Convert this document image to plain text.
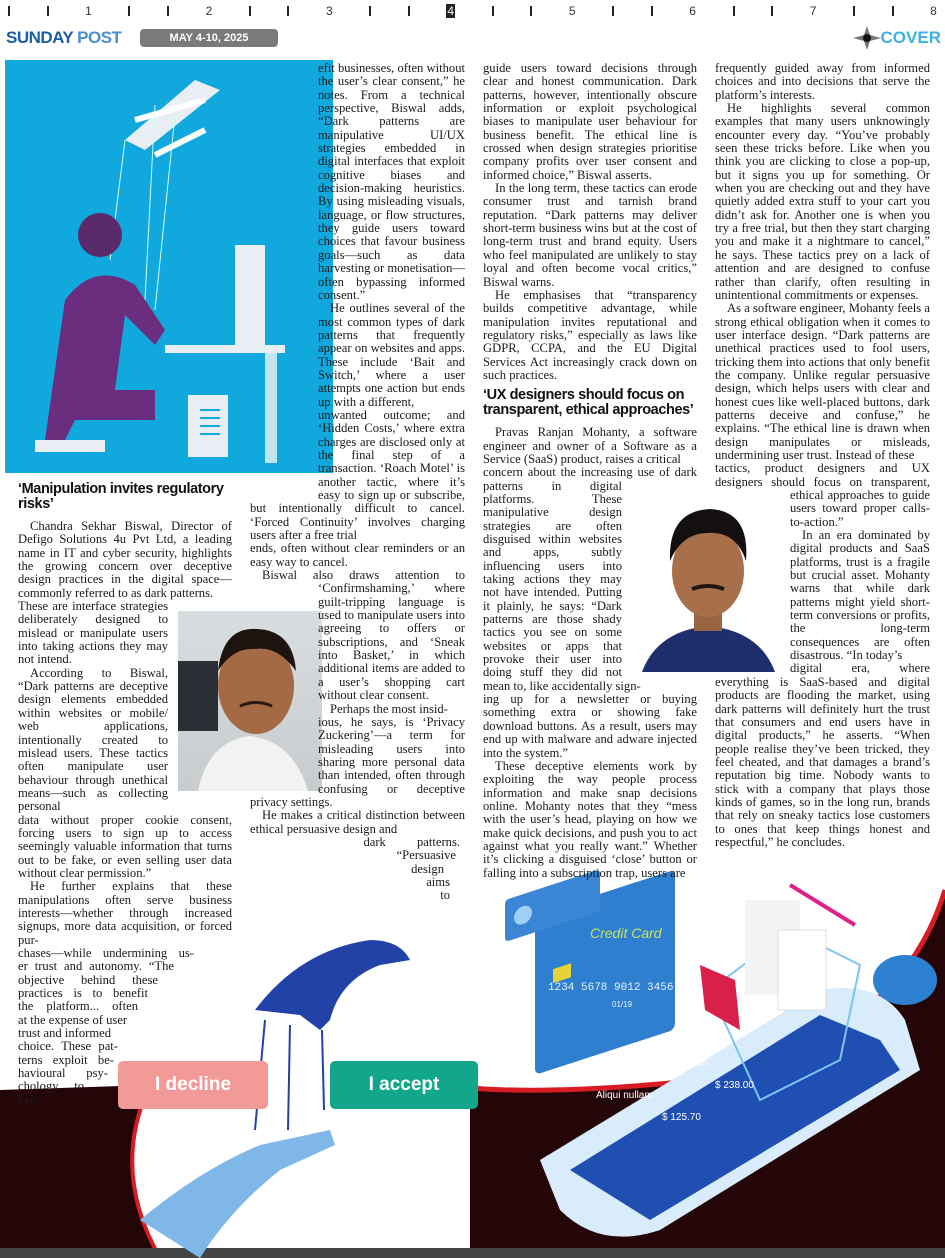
1	2	3	4	5	6	7	8
SUNDAY POST	MAY 4-10, 2025	COVER
Credit Card
1234 5678 9012 3456
01/19
Lorem ipsum
$ 238.00
Aliqui nullam
$ 125.70
I decline	I accept
‘Manipulation invites regulatory risks’

Chandra Sekhar Biswal, Director of Defigo Solutions 4u Pvt Ltd, a leading name in IT and cyber security, highlights the growing concern over deceptive design practices in the digital space—commonly referred to as dark patterns.

These are interface strategies deliberately designed to mislead or manipulate users into taking actions they may not intend.

According to Biswal, “Dark patterns are deceptive design elements embedded within websites or mobile/ web applications, intentionally created to mislead users. These tactics often manipulate user behaviour through unethical means—such as collecting personal

data without proper cookie consent, forcing users to sign up to access seemingly valuable information that turns out to be fake, or even selling user data without clear permission.”

He further explains that these manipulations often serve business interests—whether through increased signups, more data acquisition, or forced pur-

chases—while undermining us-
er trust and autonomy. “The
objective behind these
practices is to benefit
the platform... often
at the expense of user
trust and informed
choice. These pat-
terns exploit be-
havioural psy-
chology to
ben-

efit businesses, often without the user’s clear consent,” he notes. From a technical perspective, Biswal adds, “Dark patterns are manipulative UI/UX strategies embedded in digital interfaces that exploit cognitive biases and decision-making heuristics. By using misleading visuals, language, or flow structures, they guide users toward choices that favour business goals—such as data harvesting or monetisation—often bypassing informed consent.”

He outlines several of the most common types of dark patterns that frequently appear on websites and apps. These include ‘Bait and Switch,’ where a user attempts one action but ends up with a different,

unwanted outcome; and ‘Hidden Costs,’ where extra charges are disclosed only at the final step of a transaction. ‘Roach Motel’ is another tactic, where it’s easy to sign up or subscribe, but intentionally difficult to cancel. ‘Forced Continuity’ involves charging users after a free trial

ends, often without clear reminders or an easy way to cancel.

Biswal also draws attention to ‘Confirmshaming,’ where guilt-tripping language is used to manipulate users into agreeing to offers or subscriptions, and ‘Sneak into Basket,’ in which additional items are added to a user’s shopping cart without clear consent.

Perhaps the most insid-

ious, he says, is ‘Privacy Zuckering’—a term for misleading users into sharing more personal data than intended, often through confusing or deceptive privacy settings.

He makes a critical distinction between ethical persuasive design and

dark patterns.
“Persuasive
design
aims
to

guide users toward decisions through clear and honest communication. Dark patterns, however, intentionally obscure information or exploit psychological biases to manipulate user behaviour for business benefit. The ethical line is crossed when design strategies prioritise company profits over user consent and informed choice,” Biswal asserts.

In the long term, these tactics can erode consumer trust and tarnish brand reputation. “Dark patterns may deliver short-term business wins but at the cost of long-term trust and brand equity. Users who feel manipulated are unlikely to stay loyal and often become vocal critics,” Biswal warns.

He emphasises that “transparency builds competitive advantage, while manipulation invites reputational and regulatory risks,” especially as laws like GDPR, CCPA, and the EU Digital Services Act increasingly crack down on such practices.

‘UX designers should focus on transparent, ethical approaches’

Pravas Ranjan Mohanty, a software engineer and owner of a Software as a Service (SaaS) product, raises a critical

concern about the increasing use of dark patterns in digital platforms. These manipulative design strategies are often disguised within websites and apps, subtly influencing users into taking actions they may not have intended. Putting it plainly, he says: “Dark patterns are those shady tactics you see on some websites or apps that provoke their user into doing stuff they did not mean to, like accidentally sign-

ing up for a newsletter or buying something extra or showing fake download buttons. As a result, users may end up with malware and adware injected into the system.”

These deceptive elements work by exploiting the way people process information and make snap decisions online. Mohanty notes that they “mess with the user’s head, playing on how we make quick decisions, and push you to act against what you really want.” Whether it’s clicking a disguised ‘close’ button or falling into a subscription trap, users are

frequently guided away from informed choices and into decisions that serve the platform’s interests.

He highlights several common examples that many users unknowingly encounter every day. “You’ve probably seen these tricks before. Like when you think you are clicking to close a pop-up, but it signs you up for something. Or when you are checking out and they have quietly added extra stuff to your cart you didn’t ask for. Another one is when you try a free trial, but then they start charging you and make it a nightmare to cancel,” he says. These tactics prey on a lack of attention and are designed to confuse rather than clarify, often resulting in unintentional commitments or expenses.

As a software engineer, Mohanty feels a strong ethical obligation when it comes to user interface design. “Dark patterns are unethical practices used to fool users, tricking them into actions that only benefit the company. Unlike regular persuasive design, which helps users with clear and honest cues like well-placed buttons, dark patterns deceive and confuse,” he explains. “The ethical line is drawn when design manipulates or misleads, undermining user trust. Instead of these

tactics, product designers and UX designers should focus on transparent, ethical approaches to guide users toward proper calls-to-action.”

In an era dominated by digital products and SaaS platforms, trust is a fragile but crucial asset. Mohanty warns that while dark patterns might yield short-term conversions or profits, the long-term consequences are often disastrous. “In today’s

digital era, where everything is SaaS-based and digital products are flooding the market, using dark patterns will definitely hurt the trust that consumers and end users have in digital products,” he asserts. “When people realise they’ve been tricked, they feel cheated, and that damages a brand’s reputation big time. Nobody wants to stick with a company that plays those kinds of games, so in the long run, brands that rely on sneaky tactics lose customers to ones that keep things honest and respectful,” he concludes.
